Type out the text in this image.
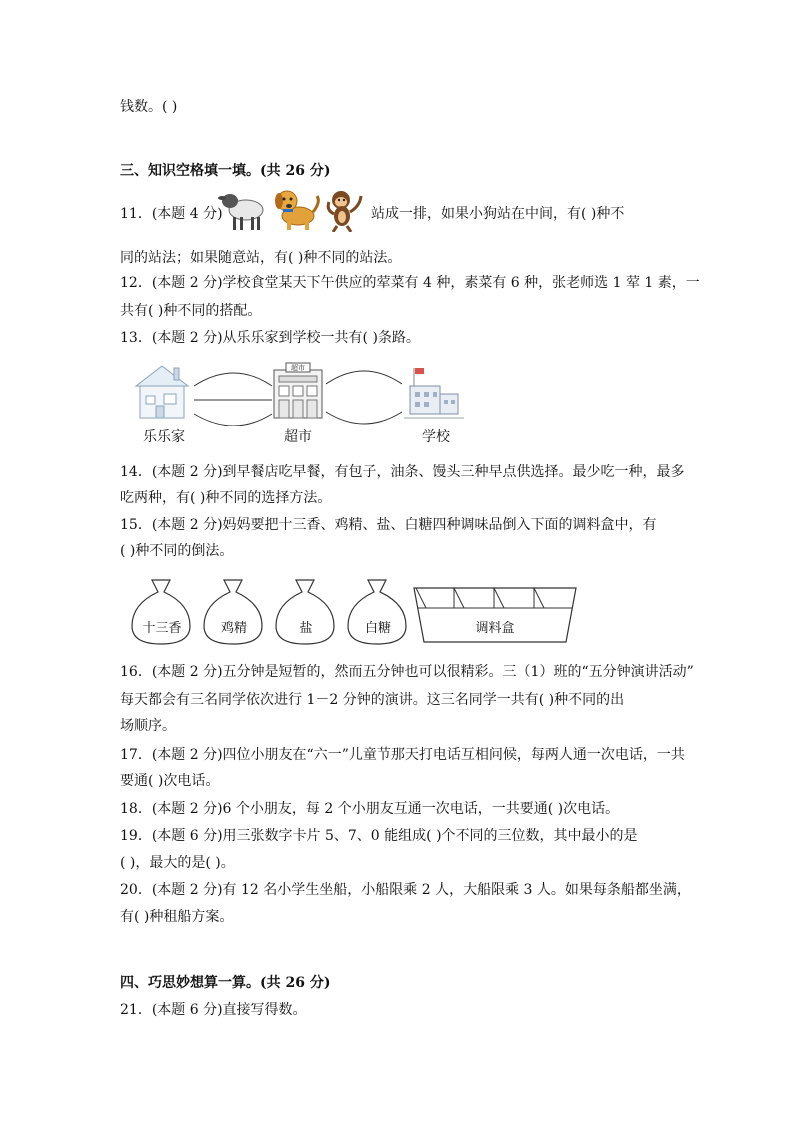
钱数。( )
三、知识空格填一填。(共 26 分)
11．(本题 4 分)	站成一排，如果小狗站在中间，有( )种不
同的站法；如果随意站，有( )种不同的站法。
12．(本题 2 分)学校食堂某天下午供应的荤菜有 4 种，素菜有 6 种，张老师选 1 荤 1 素，一
共有( )种不同的搭配。
13．(本题 2 分)从乐乐家到学校一共有( )条路。
超市
乐乐家	超市	学校
14．(本题 2 分)到早餐店吃早餐，有包子，油条、馒头三种早点供选择。最少吃一种，最多
吃两种，有( )种不同的选择方法。
15．(本题 2 分)妈妈要把十三香、鸡精、盐、白糖四种调味品倒入下面的调料盒中，有
( )种不同的倒法。
十三香	鸡精	盐	白糖	调料盒
16．(本题 2 分)五分钟是短暂的，然而五分钟也可以很精彩。三（1）班的“五分钟演讲活动”
每天都会有三名同学依次进行 1－2 分钟的演讲。这三名同学一共有( )种不同的出
场顺序。
17．(本题 2 分)四位小朋友在“六一”儿童节那天打电话互相问候，每两人通一次电话，一共
要通( )次电话。
18．(本题 2 分)6 个小朋友，每 2 个小朋友互通一次电话，一共要通( )次电话。
19．(本题 6 分)用三张数字卡片 5、7、0 能组成( )个不同的三位数，其中最小的是
( )，最大的是( )。
20．(本题 2 分)有 12 名小学生坐船，小船限乘 2 人，大船限乘 3 人。如果每条船都坐满，
有( )种租船方案。
四、巧思妙想算一算。(共 26 分)
21．(本题 6 分)直接写得数。
